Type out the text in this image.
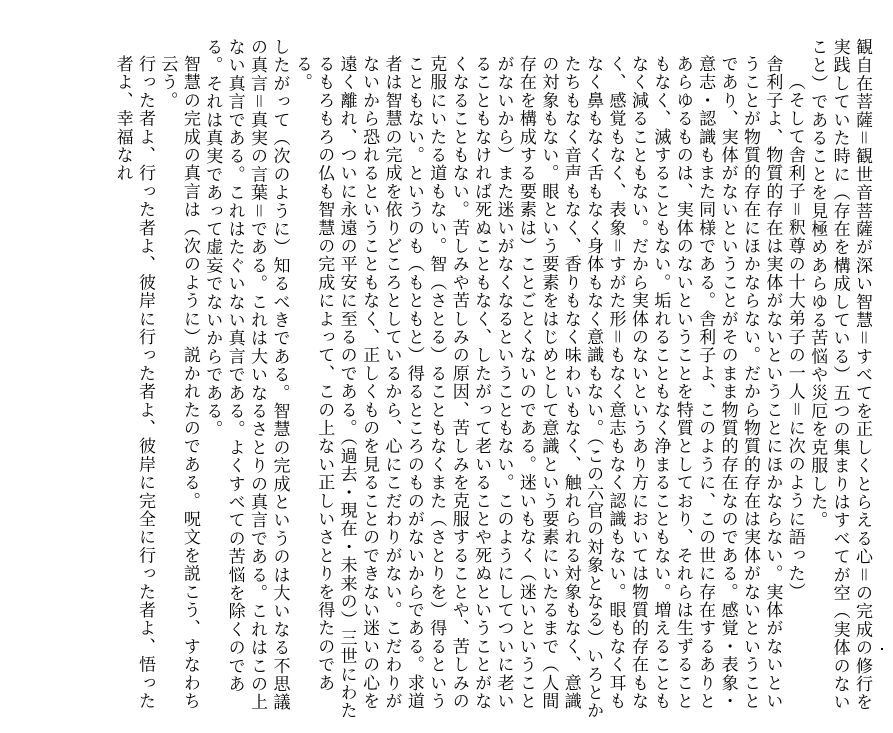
観自在菩薩＝観世音菩薩が深い智慧＝すべてを正しくとらえる心＝の完成の修行を実践していた時に（存在を構成している）五つの集まりはすべてが空（実体のないこと）であることを見極めあらゆる苦悩や災厄を克服した。

（そして舎利子＝釈尊の十大弟子の一人＝に次のように語った）

舎利子よ、物質的存在は実体がないということにほかならない。実体がないということが物質的存在にほかならない。だから物質的存在は実体がないということであり、実体がないということがそのまま物質的存在なのである。感覚・表象・意志・認識もまた同様である。舎利子よ、このように、この世に存在するありとあらゆるものは、実体のないということを特質としており、それらは生ずることもなく、滅することもない。垢れることもなく浄まることもない。増えることもなく減ることもない。だから実体のないというあり方においては物質的存在もなく、感覚もなく、表象＝すがた形＝もなく意志もなく認識もない。眼もなく耳もなく鼻もなく舌もなく身体もなく意識もない。（この六官の対象となる）いろとかたちもなく音声もなく、香りもなく味わいもなく、触れられる対象もなく、意識の対象もない。眼という要素をはじめとして意識という要素にいたるまで（人間存在を構成する要素は）ことごとくないのである。迷いもなく（迷いということがないから）また迷いがなくなるということもない。このようにしてついに老いることもなければ死ぬこともなく、したがって老いることや死ぬということがなくなることもない。苦しみや苦しみの原因、苦しみを克服することや、苦しみの克服にいたる道もない。智（さとる）ることもなくまた（さとりを）得るということもない。というのも（もともと）得るところのものがないからである。求道者は智慧の完成を依りどころとしているから、心にこだわりがない。こだわりがないから恐れるということもなく、正しくものを見ることのできない迷いの心を遠く離れ、ついに永遠の平安に至るのである。（過去・現在・未来の）三世にわたるもろもろの仏も智慧の完成によって、この上ない正しいさとりを得たのである。

したがって（次のように）知るべきである。智慧の完成というのは大いなる不思議の真言＝真実の言葉＝である。これは大いなるさとりの真言である。これはこの上ない真言である。これはたぐいない真言である。よくすべての苦悩を除くのである。それは真実であって虚妄でないからである。

智慧の完成の真言は（次のように）説かれたのである。呪文を説こう、すなわち云う。

行った者よ、行った者よ、彼岸に行った者よ、彼岸に完全に行った者よ、悟った者よ、幸福なれ
